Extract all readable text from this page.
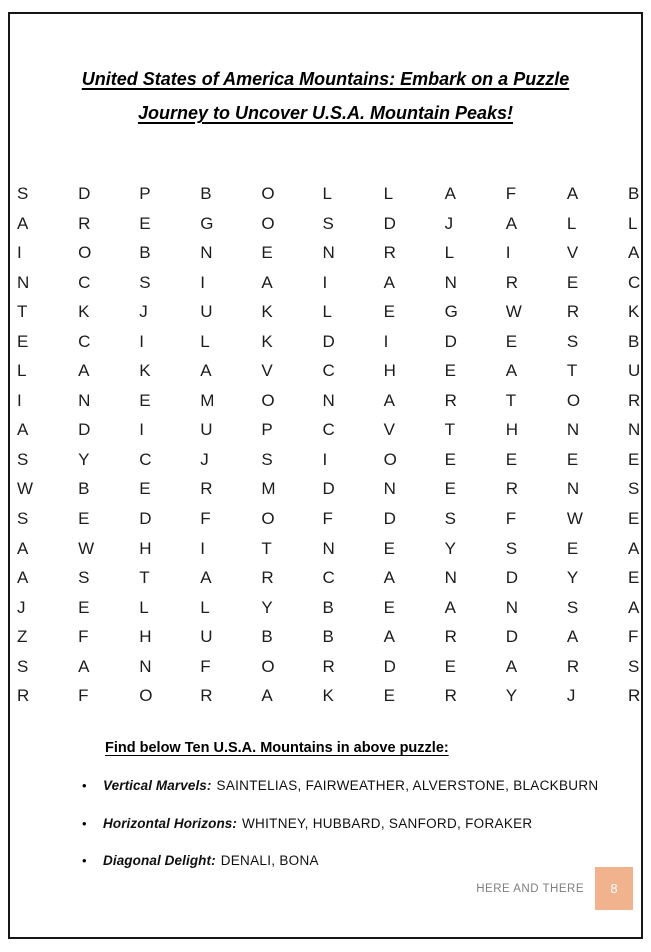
United States of America Mountains: Embark on a Puzzle
Journey to Uncover U.S.A. Mountain Peaks!
S	D	P	B	O	L	L	A	F	A	B
A	R	E	G	O	S	D	J	A	L	L
I	O	B	N	E	N	R	L	I	V	A
N	C	S	I	A	I	A	N	R	E	C
T	K	J	U	K	L	E	G	W	R	K
E	C	I	L	K	D	I	D	E	S	B
L	A	K	A	V	C	H	E	A	T	U
I	N	E	M	O	N	A	R	T	O	R
A	D	I	U	P	C	V	T	H	N	N
S	Y	C	J	S	I	O	E	E	E	E
W	B	E	R	M	D	N	E	R	N	S
S	E	D	F	O	F	D	S	F	W	E
A	W	H	I	T	N	E	Y	S	E	A
A	S	T	A	R	C	A	N	D	Y	E
J	E	L	L	Y	B	E	A	N	S	A
Z	F	H	U	B	B	A	R	D	A	F
S	A	N	F	O	R	D	E	A	R	S
R	F	O	R	A	K	E	R	Y	J	R
Find below Ten U.S.A. Mountains in above puzzle:
• Vertical Marvels: SAINTELIAS, FAIRWEATHER, ALVERSTONE, BLACKBURN
• Horizontal Horizons: WHITNEY, HUBBARD, SANFORD, FORAKER
• Diagonal Delight: DENALI, BONA
HERE AND THERE 8
